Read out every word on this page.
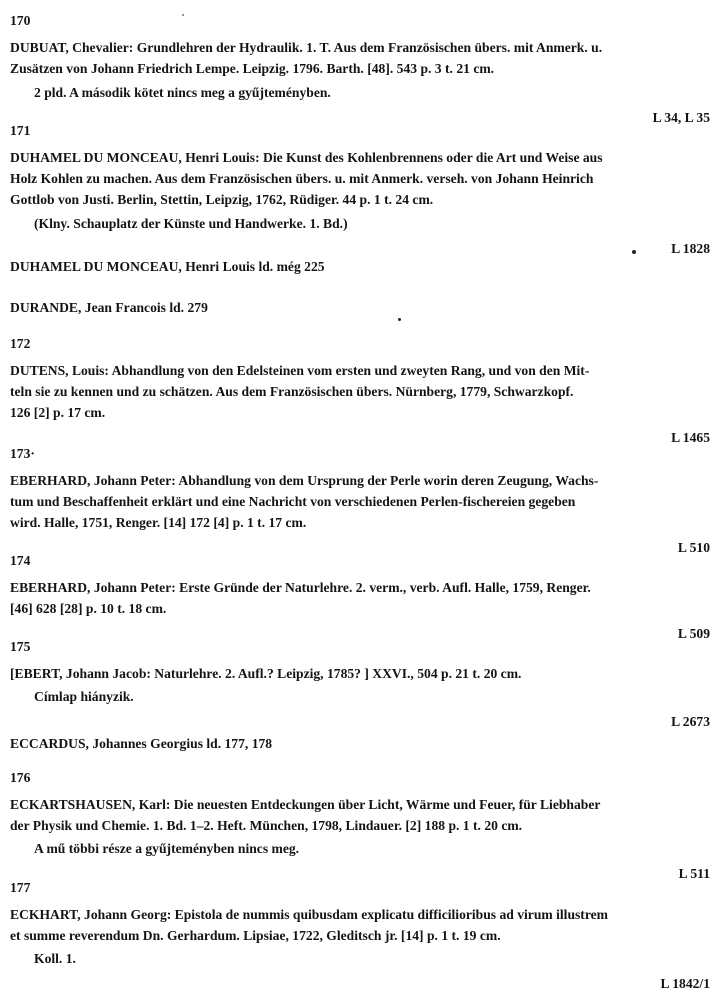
170
DUBUAT, Chevalier: Grundlehren der Hydraulik. 1. T. Aus dem Französischen übers. mit Anmerk. u.
Zusätzen von Johann Friedrich Lempe. Leipzig. 1796. Barth. [48]. 543 p. 3 t. 21 cm.
2 pld. A második kötet nincs meg a gyűjteményben.
L 34, L 35
171
DUHAMEL DU MONCEAU, Henri Louis: Die Kunst des Kohlenbrennens oder die Art und Weise aus
Holz Kohlen zu machen. Aus dem Französischen übers. u. mit Anmerk. verseh. von Johann Heinrich
Gottlob von Justi. Berlin, Stettin, Leipzig, 1762, Rüdiger. 44 p. 1 t. 24 cm.
(Klny. Schauplatz der Künste und Handwerke. 1. Bd.)
L 1828
DUHAMEL DU MONCEAU, Henri Louis ld. még 225
DURANDE, Jean Francois ld. 279
172
DUTENS, Louis: Abhandlung von den Edelsteinen vom ersten und zweyten Rang, und von den Mit-
teln sie zu kennen und zu schätzen. Aus dem Französischen übers. Nürnberg, 1779, Schwarzkopf.
126 [2] p. 17 cm.
L 1465
173·
EBERHARD, Johann Peter: Abhandlung von dem Ursprung der Perle worin deren Zeugung, Wachs-
tum und Beschaffenheit erklärt und eine Nachricht von verschiedenen Perlen-fischereien gegeben
wird. Halle, 1751, Renger. [14] 172 [4] p. 1 t. 17 cm.
L 510
174
EBERHARD, Johann Peter: Erste Gründe der Naturlehre. 2. verm., verb. Aufl. Halle, 1759, Renger.
[46] 628 [28] p. 10 t. 18 cm.
L 509
175
[EBERT, Johann Jacob: Naturlehre. 2. Aufl.? Leipzig, 1785? ] XXVI., 504 p. 21 t. 20 cm.
Címlap hiányzik.
L 2673
ECCARDUS, Johannes Georgius ld. 177, 178
176
ECKARTSHAUSEN, Karl: Die neuesten Entdeckungen über Licht, Wärme und Feuer, für Liebhaber
der Physik und Chemie. 1. Bd. 1–2. Heft. München, 1798, Lindauer. [2] 188 p. 1 t. 20 cm.
A mű többi része a gyűjteményben nincs meg.
L 511
177
ECKHART, Johann Georg: Epistola de nummis quibusdam explicatu difficilioribus ad virum illustrem
et summe reverendum Dn. Gerhardum. Lipsiae, 1722, Gleditsch jr. [14] p. 1 t. 19 cm.
Koll. 1.
L 1842/1
